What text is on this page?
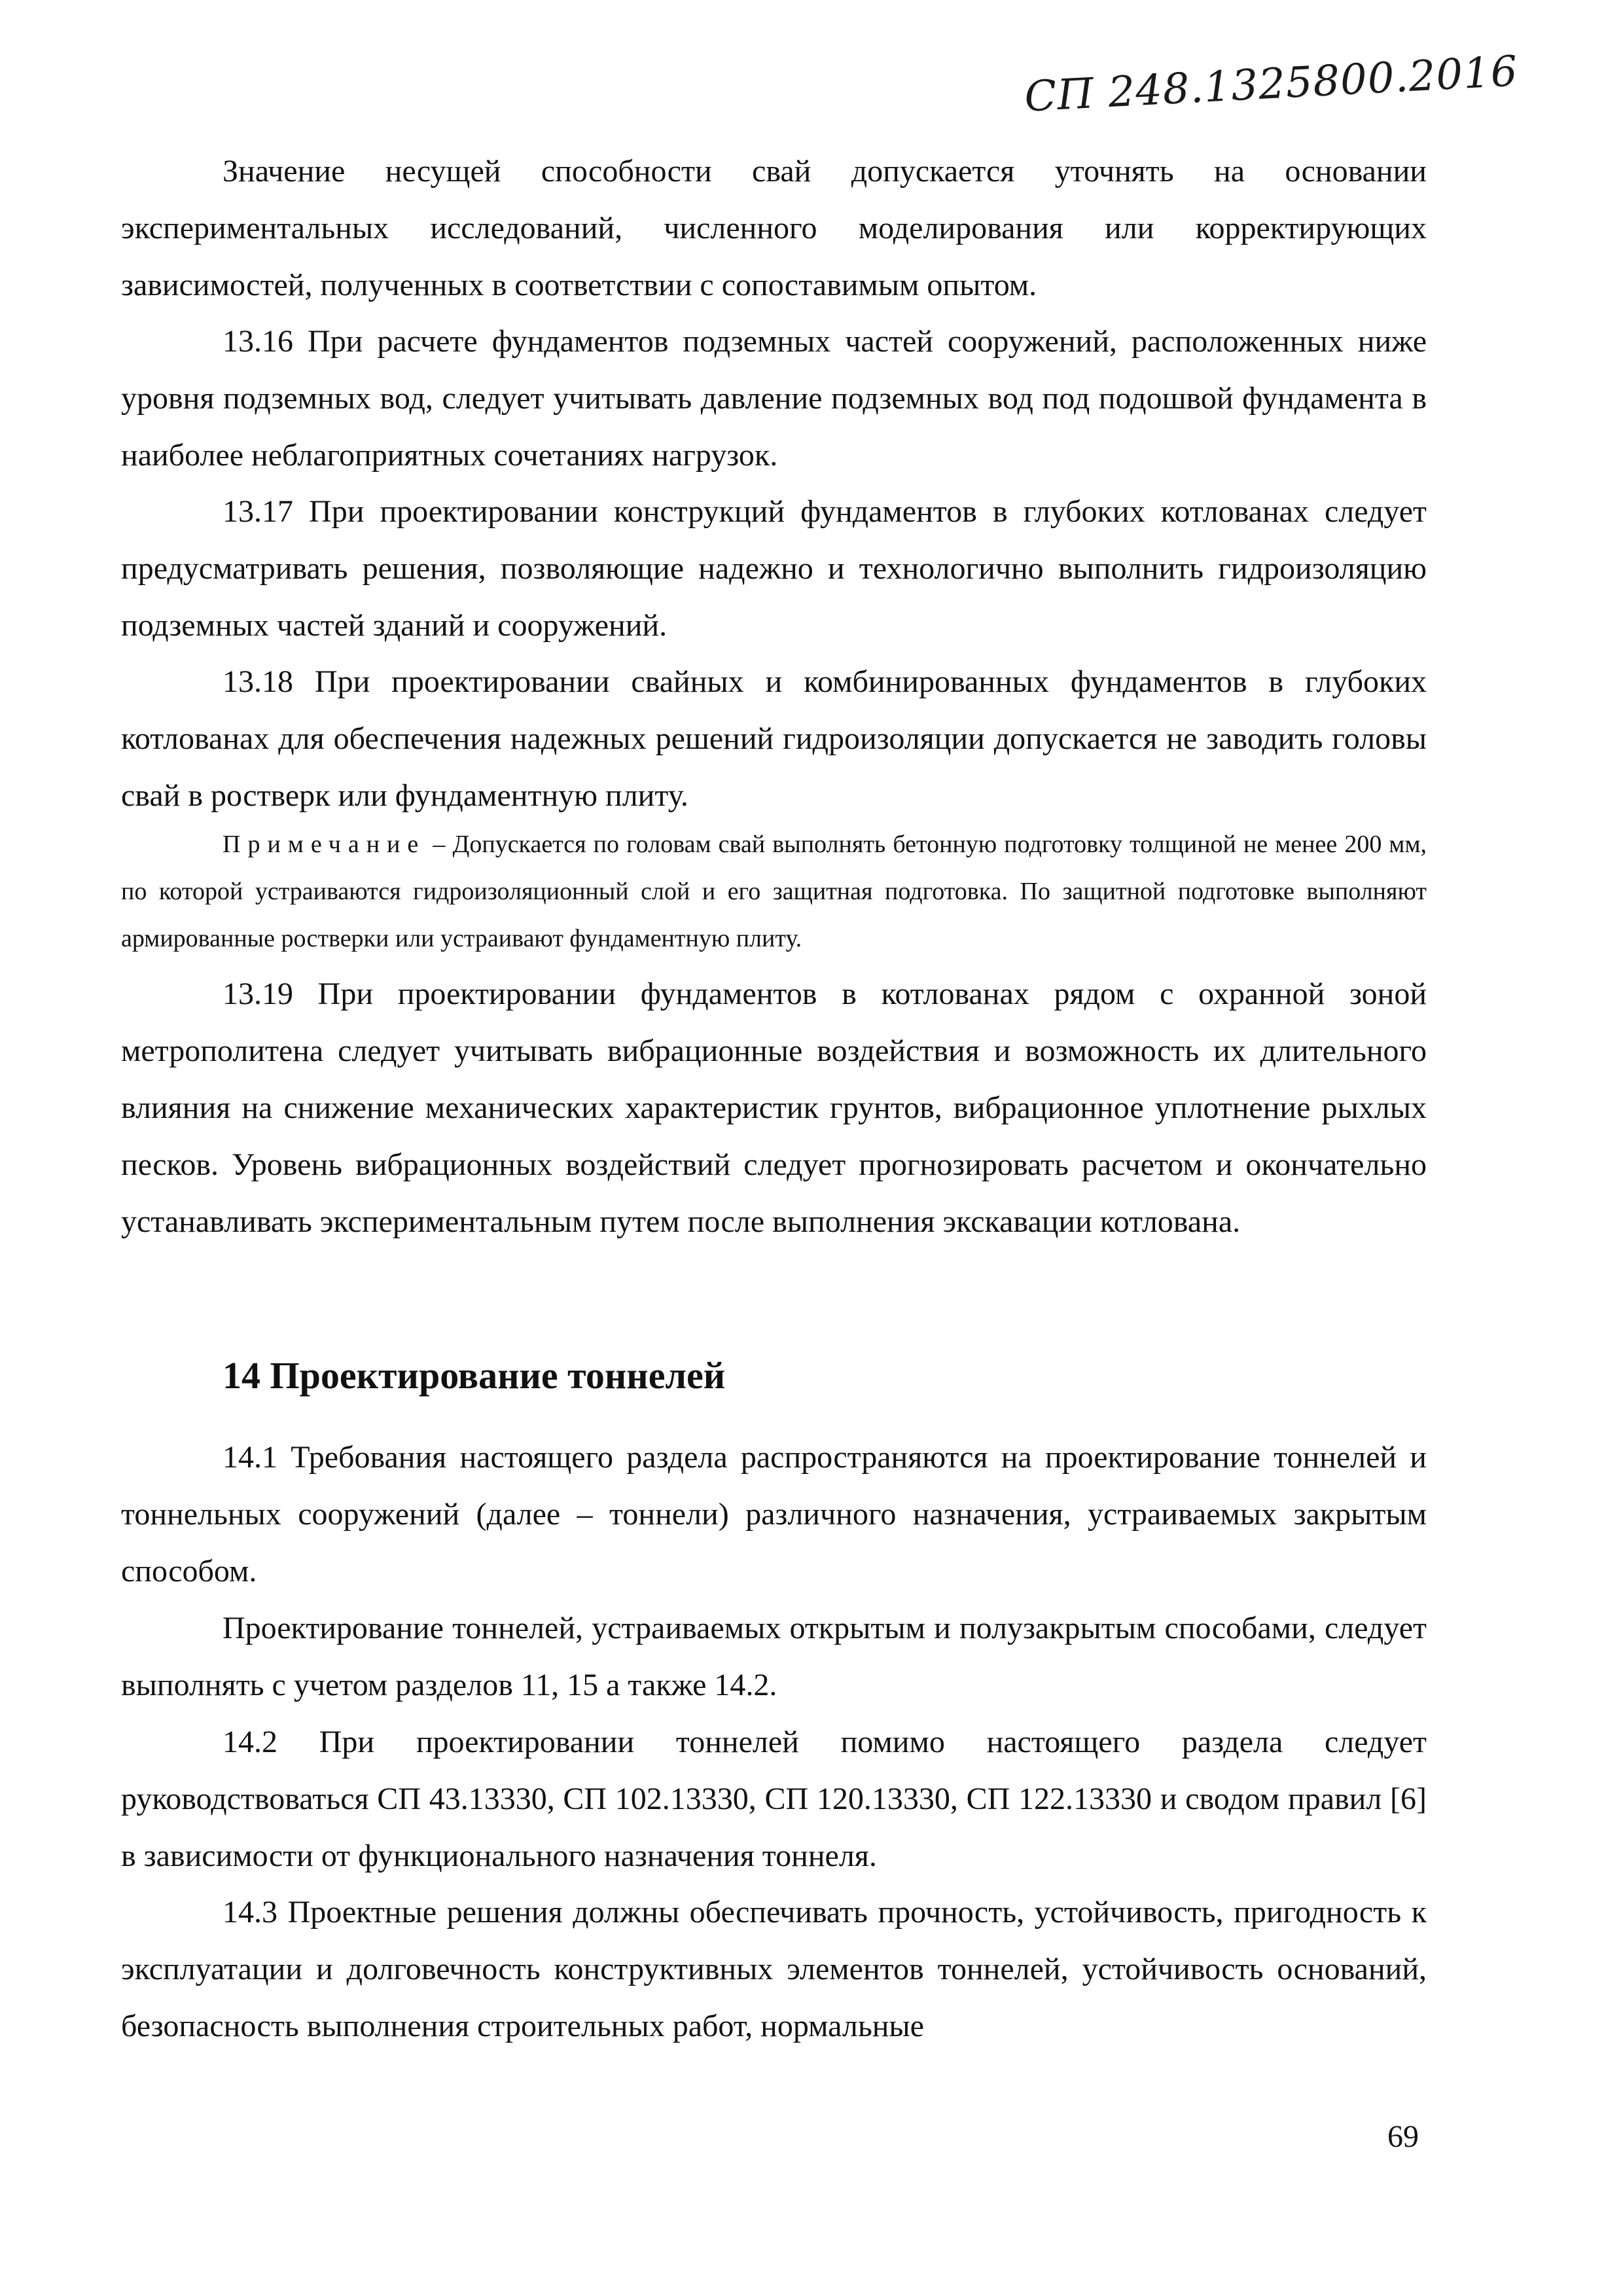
СП 248.1325800.2016

Значение несущей способности свай допускается уточнять на основании экспериментальных исследований, численного моделирования или корректирующих зависимостей, полученных в соответствии с сопоставимым опытом.

13.16 При расчете фундаментов подземных частей сооружений, расположенных ниже уровня подземных вод, следует учитывать давление подземных вод под подошвой фундамента в наиболее неблагоприятных сочетаниях нагрузок.

13.17 При проектировании конструкций фундаментов в глубоких котлованах следует предусматривать решения, позволяющие надежно и технологично выполнить гидроизоляцию подземных частей зданий и сооружений.

13.18 При проектировании свайных и комбинированных фундаментов в глубоких котлованах для обеспечения надежных решений гидроизоляции допускается не заводить головы свай в ростверк или фундаментную плиту.

Примечание – Допускается по головам свай выполнять бетонную подготовку толщиной не менее 200 мм, по которой устраиваются гидроизоляционный слой и его защитная подготовка. По защитной подготовке выполняют армированные ростверки или устраивают фундаментную плиту.

13.19 При проектировании фундаментов в котлованах рядом с охранной зоной метрополитена следует учитывать вибрационные воздействия и возможность их длительного влияния на снижение механических характеристик грунтов, вибрационное уплотнение рыхлых песков. Уровень вибрационных воздействий следует прогнозировать расчетом и окончательно устанавливать экспериментальным путем после выполнения экскавации котлована.

14 Проектирование тоннелей

14.1 Требования настоящего раздела распространяются на проектирование тоннелей и тоннельных сооружений (далее – тоннели) различного назначения, устраиваемых закрытым способом.

Проектирование тоннелей, устраиваемых открытым и полузакрытым способами, следует выполнять с учетом разделов 11, 15 а также 14.2.

14.2 При проектировании тоннелей помимо настоящего раздела следует руководствоваться СП 43.13330, СП 102.13330, СП 120.13330, СП 122.13330 и сводом правил [6] в зависимости от функционального назначения тоннеля.

14.3 Проектные решения должны обеспечивать прочность, устойчивость, пригодность к эксплуатации и долговечность конструктивных элементов тоннелей, устойчивость оснований, безопасность выполнения строительных работ, нормальные

69
